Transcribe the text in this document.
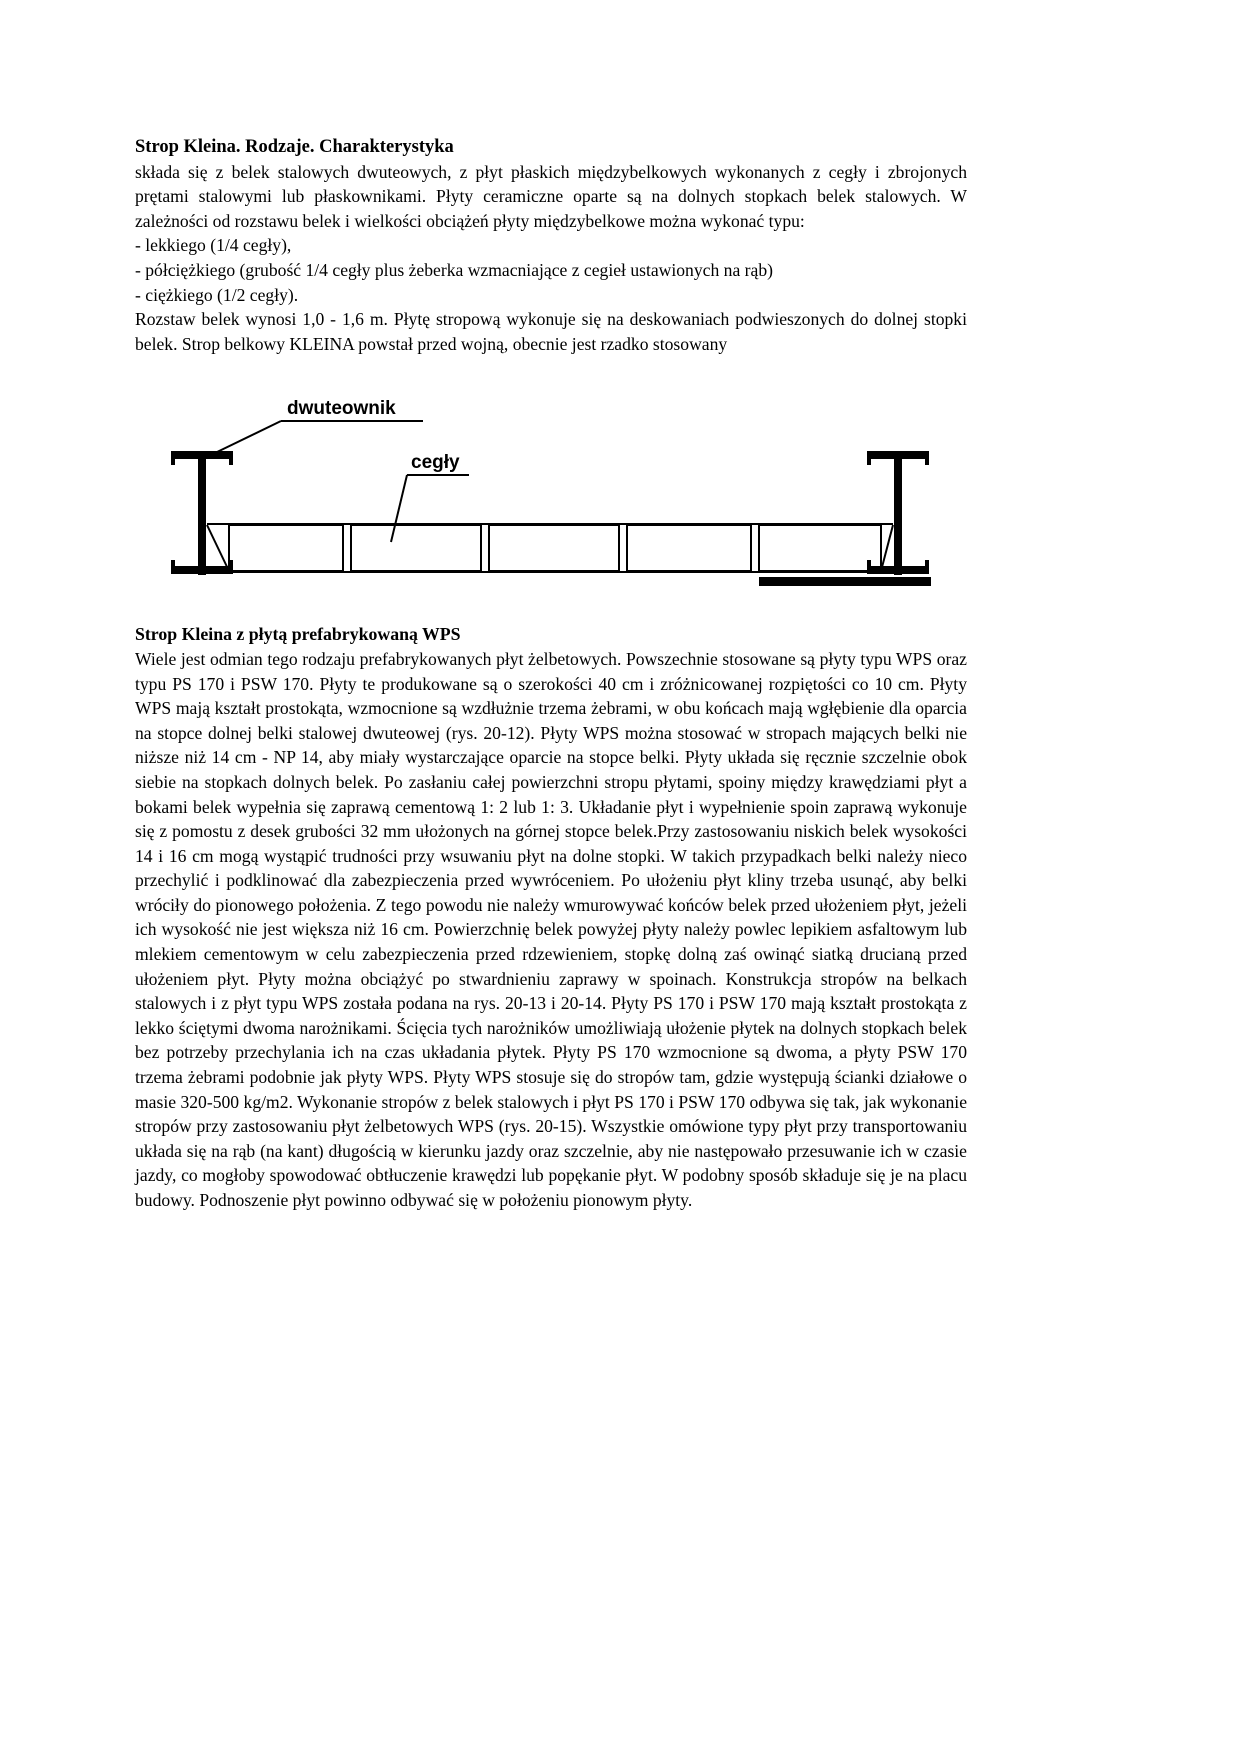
Strop Kleina. Rodzaje. Charakterystyka

składa się z belek stalowych dwuteowych, z płyt płaskich międzybelkowych wykonanych z cegły i zbrojonych prętami stalowymi lub płaskownikami. Płyty ceramiczne oparte są na dolnych stopkach belek stalowych. W zależności od rozstawu belek i wielkości obciążeń płyty międzybelkowe można wykonać typu:

- lekkiego (1/4 cegły),
- półciężkiego (grubość 1/4 cegły plus żeberka wzmacniające z cegieł ustawionych na rąb)
- ciężkiego (1/2 cegły).

Rozstaw belek wynosi 1,0 - 1,6 m. Płytę stropową wykonuje się na deskowaniach podwieszonych do dolnej stopki belek. Strop belkowy KLEINA powstał przed wojną, obecnie jest rzadko stosowany

dwuteownik
cegły
Strop Kleina z płytą prefabrykowaną WPS

Wiele jest odmian tego rodzaju prefabrykowanych płyt żelbetowych. Powszechnie stosowane są płyty typu WPS oraz typu PS 170 i PSW 170. Płyty te produkowane są o szerokości 40 cm i zróżnicowanej rozpiętości co 10 cm. Płyty WPS mają kształt prostokąta, wzmocnione są wzdłużnie trzema żebrami, w obu końcach mają wgłębienie dla oparcia na stopce dolnej belki stalowej dwuteowej (rys. 20-12). Płyty WPS można stosować w stropach mających belki nie niższe niż 14 cm - NP 14, aby miały wystarczające oparcie na stopce belki. Płyty układa się ręcznie szczelnie obok siebie na stopkach dolnych belek. Po zasłaniu całej powierzchni stropu płytami, spoiny między krawędziami płyt a bokami belek wypełnia się zaprawą cementową 1: 2 lub 1: 3. Układanie płyt i wypełnienie spoin zaprawą wykonuje się z pomostu z desek grubości 32 mm ułożonych na górnej stopce belek.Przy zastosowaniu niskich belek wysokości 14 i 16 cm mogą wystąpić trudności przy wsuwaniu płyt na dolne stopki. W takich przypadkach belki należy nieco przechylić i podklinować dla zabezpieczenia przed wywróceniem. Po ułożeniu płyt kliny trzeba usunąć, aby belki wróciły do pionowego położenia. Z tego powodu nie należy wmurowywać końców belek przed ułożeniem płyt, jeżeli ich wysokość nie jest większa niż 16 cm. Powierzchnię belek powyżej płyty należy powlec lepikiem asfaltowym lub mlekiem cementowym w celu zabezpieczenia przed rdzewieniem, stopkę dolną zaś owinąć siatką drucianą przed ułożeniem płyt. Płyty można obciążyć po stwardnieniu zaprawy w spoinach. Konstrukcja stropów na belkach stalowych i z płyt typu WPS została podana na rys. 20-13 i 20-14. Płyty PS 170 i PSW 170 mają kształt prostokąta z lekko ściętymi dwoma narożnikami. Ścięcia tych narożników umożliwiają ułożenie płytek na dolnych stopkach belek bez potrzeby przechylania ich na czas układania płytek. Płyty PS 170 wzmocnione są dwoma, a płyty PSW 170 trzema żebrami podobnie jak płyty WPS. Płyty WPS stosuje się do stropów tam, gdzie występują ścianki działowe o masie 320-500 kg/m2. Wykonanie stropów z belek stalowych i płyt PS 170 i PSW 170 odbywa się tak, jak wykonanie stropów przy zastosowaniu płyt żelbetowych WPS (rys. 20-15). Wszystkie omówione typy płyt przy transportowaniu układa się na rąb (na kant) długością w kierunku jazdy oraz szczelnie, aby nie następowało przesuwanie ich w czasie jazdy, co mogłoby spowodować obtłuczenie krawędzi lub popękanie płyt. W podobny sposób składuje się je na placu budowy. Podnoszenie płyt powinno odbywać się w położeniu pionowym płyty.
